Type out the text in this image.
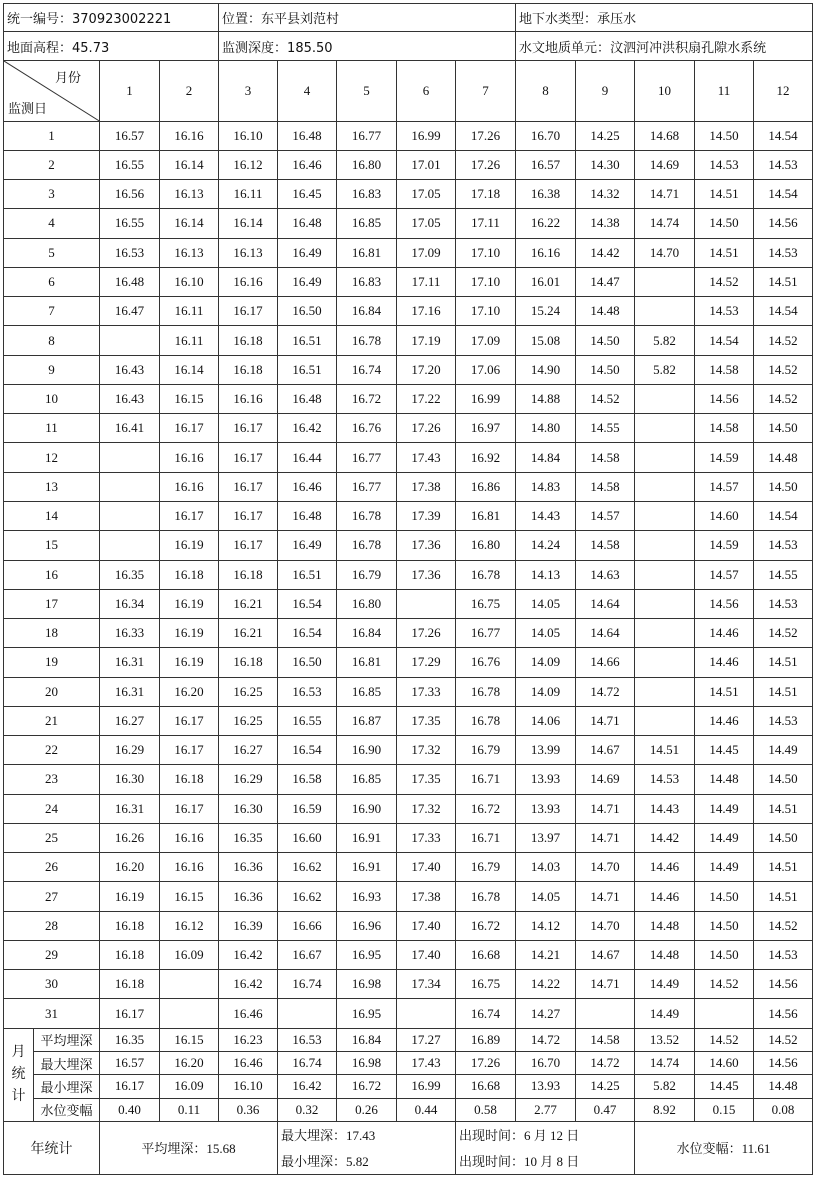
统一编号：370923002221				位置：东平县刘范村					地下水类型：承压水				
地面高程：45.73				监测深度：185.50					水文地质单元：汶泗河冲洪积扇孔隙水系统				

月份
监测日		1	2	3	4	5	6	7	8	9	10	11	12
1		16.57	16.16	16.10	16.48	16.77	16.99	17.26	16.70	14.25	14.68	14.50	14.54
2		16.55	16.14	16.12	16.46	16.80	17.01	17.26	16.57	14.30	14.69	14.53	14.53
3		16.56	16.13	16.11	16.45	16.83	17.05	17.18	16.38	14.32	14.71	14.51	14.54
4		16.55	16.14	16.14	16.48	16.85	17.05	17.11	16.22	14.38	14.74	14.50	14.56
5		16.53	16.13	16.13	16.49	16.81	17.09	17.10	16.16	14.42	14.70	14.51	14.53
6		16.48	16.10	16.16	16.49	16.83	17.11	17.10	16.01	14.47		14.52	14.51
7		16.47	16.11	16.17	16.50	16.84	17.16	17.10	15.24	14.48		14.53	14.54
8			16.11	16.18	16.51	16.78	17.19	17.09	15.08	14.50	5.82	14.54	14.52
9		16.43	16.14	16.18	16.51	16.74	17.20	17.06	14.90	14.50	5.82	14.58	14.52
10		16.43	16.15	16.16	16.48	16.72	17.22	16.99	14.88	14.52		14.56	14.52
11		16.41	16.17	16.17	16.42	16.76	17.26	16.97	14.80	14.55		14.58	14.50
12			16.16	16.17	16.44	16.77	17.43	16.92	14.84	14.58		14.59	14.48
13			16.16	16.17	16.46	16.77	17.38	16.86	14.83	14.58		14.57	14.50
14			16.17	16.17	16.48	16.78	17.39	16.81	14.43	14.57		14.60	14.54
15			16.19	16.17	16.49	16.78	17.36	16.80	14.24	14.58		14.59	14.53
16		16.35	16.18	16.18	16.51	16.79	17.36	16.78	14.13	14.63		14.57	14.55
17		16.34	16.19	16.21	16.54	16.80		16.75	14.05	14.64		14.56	14.53
18		16.33	16.19	16.21	16.54	16.84	17.26	16.77	14.05	14.64		14.46	14.52
19		16.31	16.19	16.18	16.50	16.81	17.29	16.76	14.09	14.66		14.46	14.51
20		16.31	16.20	16.25	16.53	16.85	17.33	16.78	14.09	14.72		14.51	14.51
21		16.27	16.17	16.25	16.55	16.87	17.35	16.78	14.06	14.71		14.46	14.53
22		16.29	16.17	16.27	16.54	16.90	17.32	16.79	13.99	14.67	14.51	14.45	14.49
23		16.30	16.18	16.29	16.58	16.85	17.35	16.71	13.93	14.69	14.53	14.48	14.50
24		16.31	16.17	16.30	16.59	16.90	17.32	16.72	13.93	14.71	14.43	14.49	14.51
25		16.26	16.16	16.35	16.60	16.91	17.33	16.71	13.97	14.71	14.42	14.49	14.50
26		16.20	16.16	16.36	16.62	16.91	17.40	16.79	14.03	14.70	14.46	14.49	14.51
27		16.19	16.15	16.36	16.62	16.93	17.38	16.78	14.05	14.71	14.46	14.50	14.51
28		16.18	16.12	16.39	16.66	16.96	17.40	16.72	14.12	14.70	14.48	14.50	14.52
29		16.18	16.09	16.42	16.67	16.95	17.40	16.68	14.21	14.67	14.48	14.50	14.53
30		16.18		16.42	16.74	16.98	17.34	16.75	14.22	14.71	14.49	14.52	14.56
31		16.17		16.46		16.95		16.74	14.27		14.49		14.56

月
统
计	平均埋深	16.35	16.15	16.23	16.53	16.84	17.27	16.89	14.72	14.58	13.52	14.52	14.52
	最大埋深	16.57	16.20	16.46	16.74	16.98	17.43	17.26	16.70	14.72	14.74	14.60	14.56
	最小埋深	16.17	16.09	16.10	16.42	16.72	16.99	16.68	13.93	14.25	5.82	14.45	14.48
	水位变幅	0.40	0.11	0.36	0.32	0.26	0.44	0.58	2.77	0.47	8.92	0.15	0.08
年统计		平均埋深：15.68			最大埋深：17.43			出现时间：6 月 12 日			水位变幅：11.61		
					最小埋深：5.82			出现时间：10 月 8 日					
